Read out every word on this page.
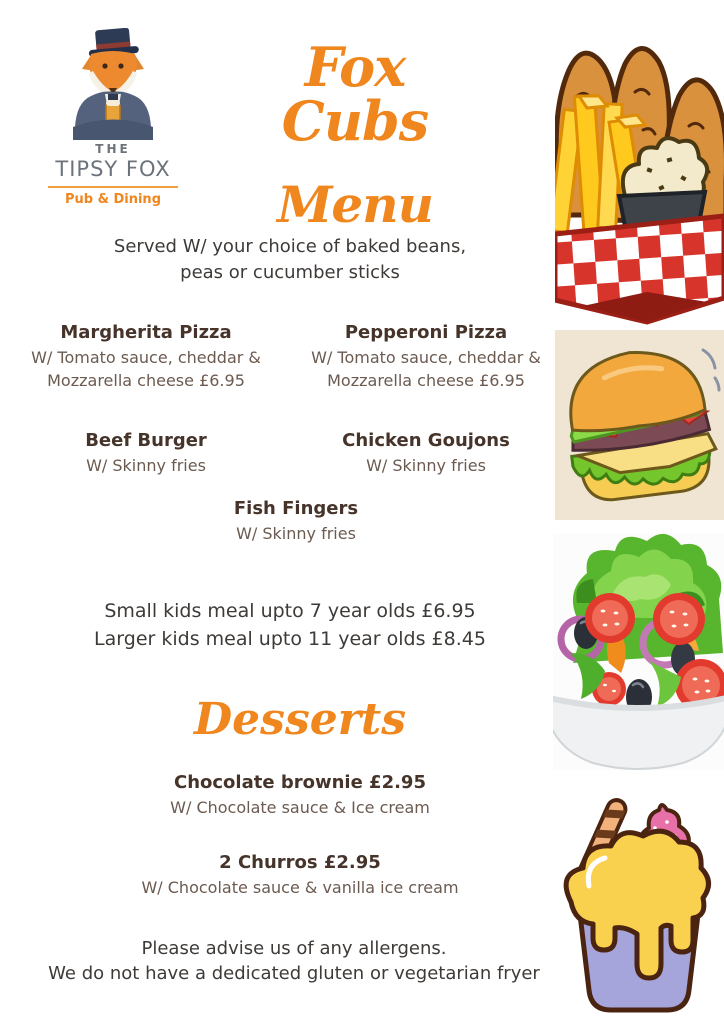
THE
TIPSY FOX
Pub & Dining
Fox Cubs
Menu
Served W/ your choice of baked beans,
peas or cucumber sticks
Margherita Pizza
W/ Tomato sauce, cheddar &
Mozzarella cheese £6.95
Pepperoni Pizza
W/ Tomato sauce, cheddar &
Mozzarella cheese £6.95
Beef Burger
W/ Skinny fries
Chicken Goujons
W/ Skinny fries
Fish Fingers
W/ Skinny fries
Small kids meal upto 7 year olds £6.95
Larger kids meal upto 11 year olds £8.45
Desserts
Chocolate brownie £2.95
W/ Chocolate sauce & Ice cream
2 Churros £2.95
W/ Chocolate sauce & vanilla ice cream
Please advise us of any allergens.
We do not have a dedicated gluten or vegetarian fryer
